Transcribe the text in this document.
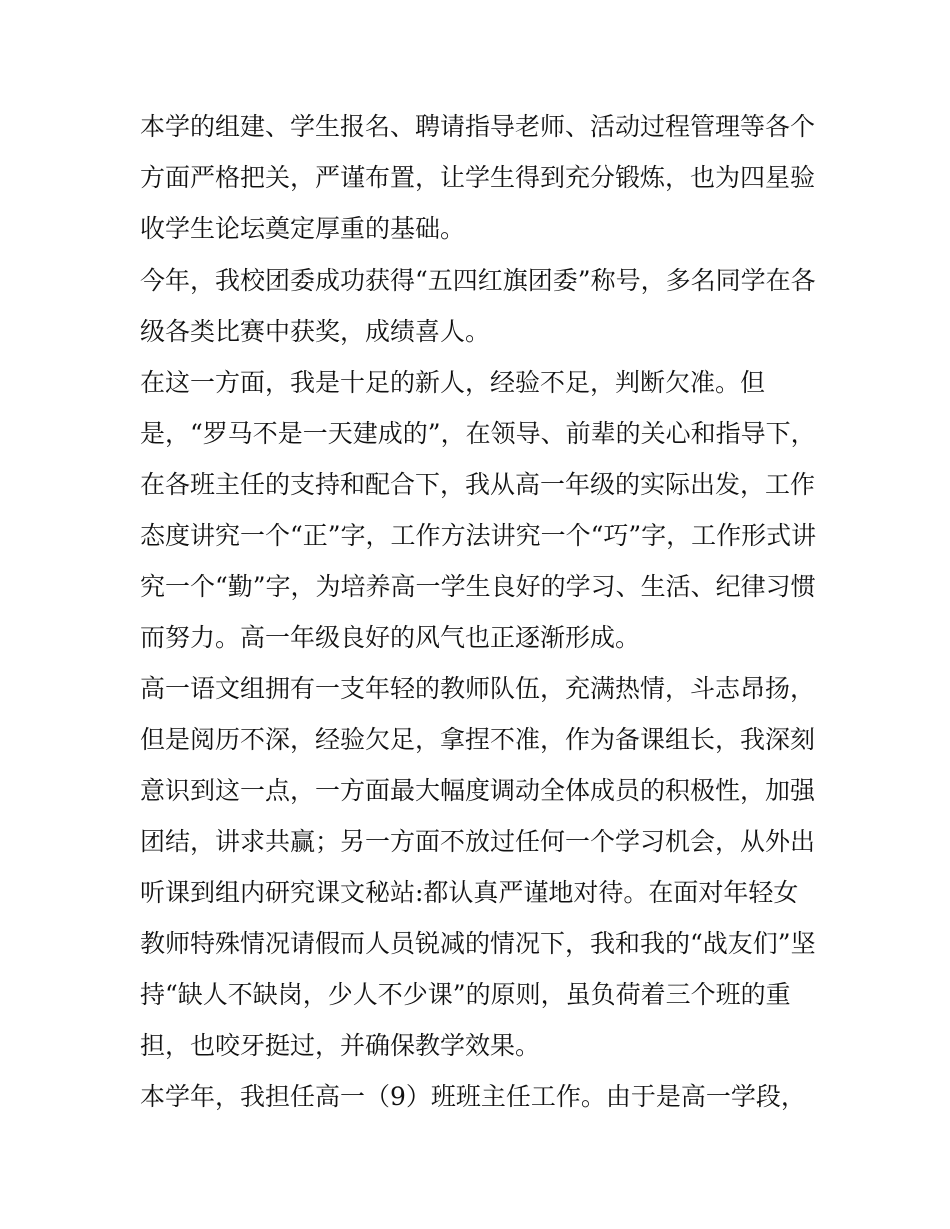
本学的组建、学生报名、聘请指导老师、活动过程管理等各个
方面严格把关，严谨布置，让学生得到充分锻炼，也为四星验
收学生论坛奠定厚重的基础。
今年，我校团委成功获得“五四红旗团委”称号，多名同学在各
级各类比赛中获奖，成绩喜人。
在这一方面，我是十足的新人，经验不足，判断欠准。但
是，“罗马不是一天建成的”，在领导、前辈的关心和指导下，
在各班主任的支持和配合下，我从高一年级的实际出发，工作
态度讲究一个“正”字，工作方法讲究一个“巧”字，工作形式讲
究一个“勤”字，为培养高一学生良好的学习、生活、纪律习惯
而努力。高一年级良好的风气也正逐渐形成。
高一语文组拥有一支年轻的教师队伍，充满热情，斗志昂扬，
但是阅历不深，经验欠足，拿捏不准，作为备课组长，我深刻
意识到这一点，一方面最大幅度调动全体成员的积极性，加强
团结，讲求共赢；另一方面不放过任何一个学习机会，从外出
听课到组内研究课文秘站:都认真严谨地对待。在面对年轻女
教师特殊情况请假而人员锐减的情况下，我和我的“战友们”坚
持“缺人不缺岗，少人不少课”的原则，虽负荷着三个班的重
担，也咬牙挺过，并确保教学效果。
本学年，我担任高一（9）班班主任工作。由于是高一学段，
